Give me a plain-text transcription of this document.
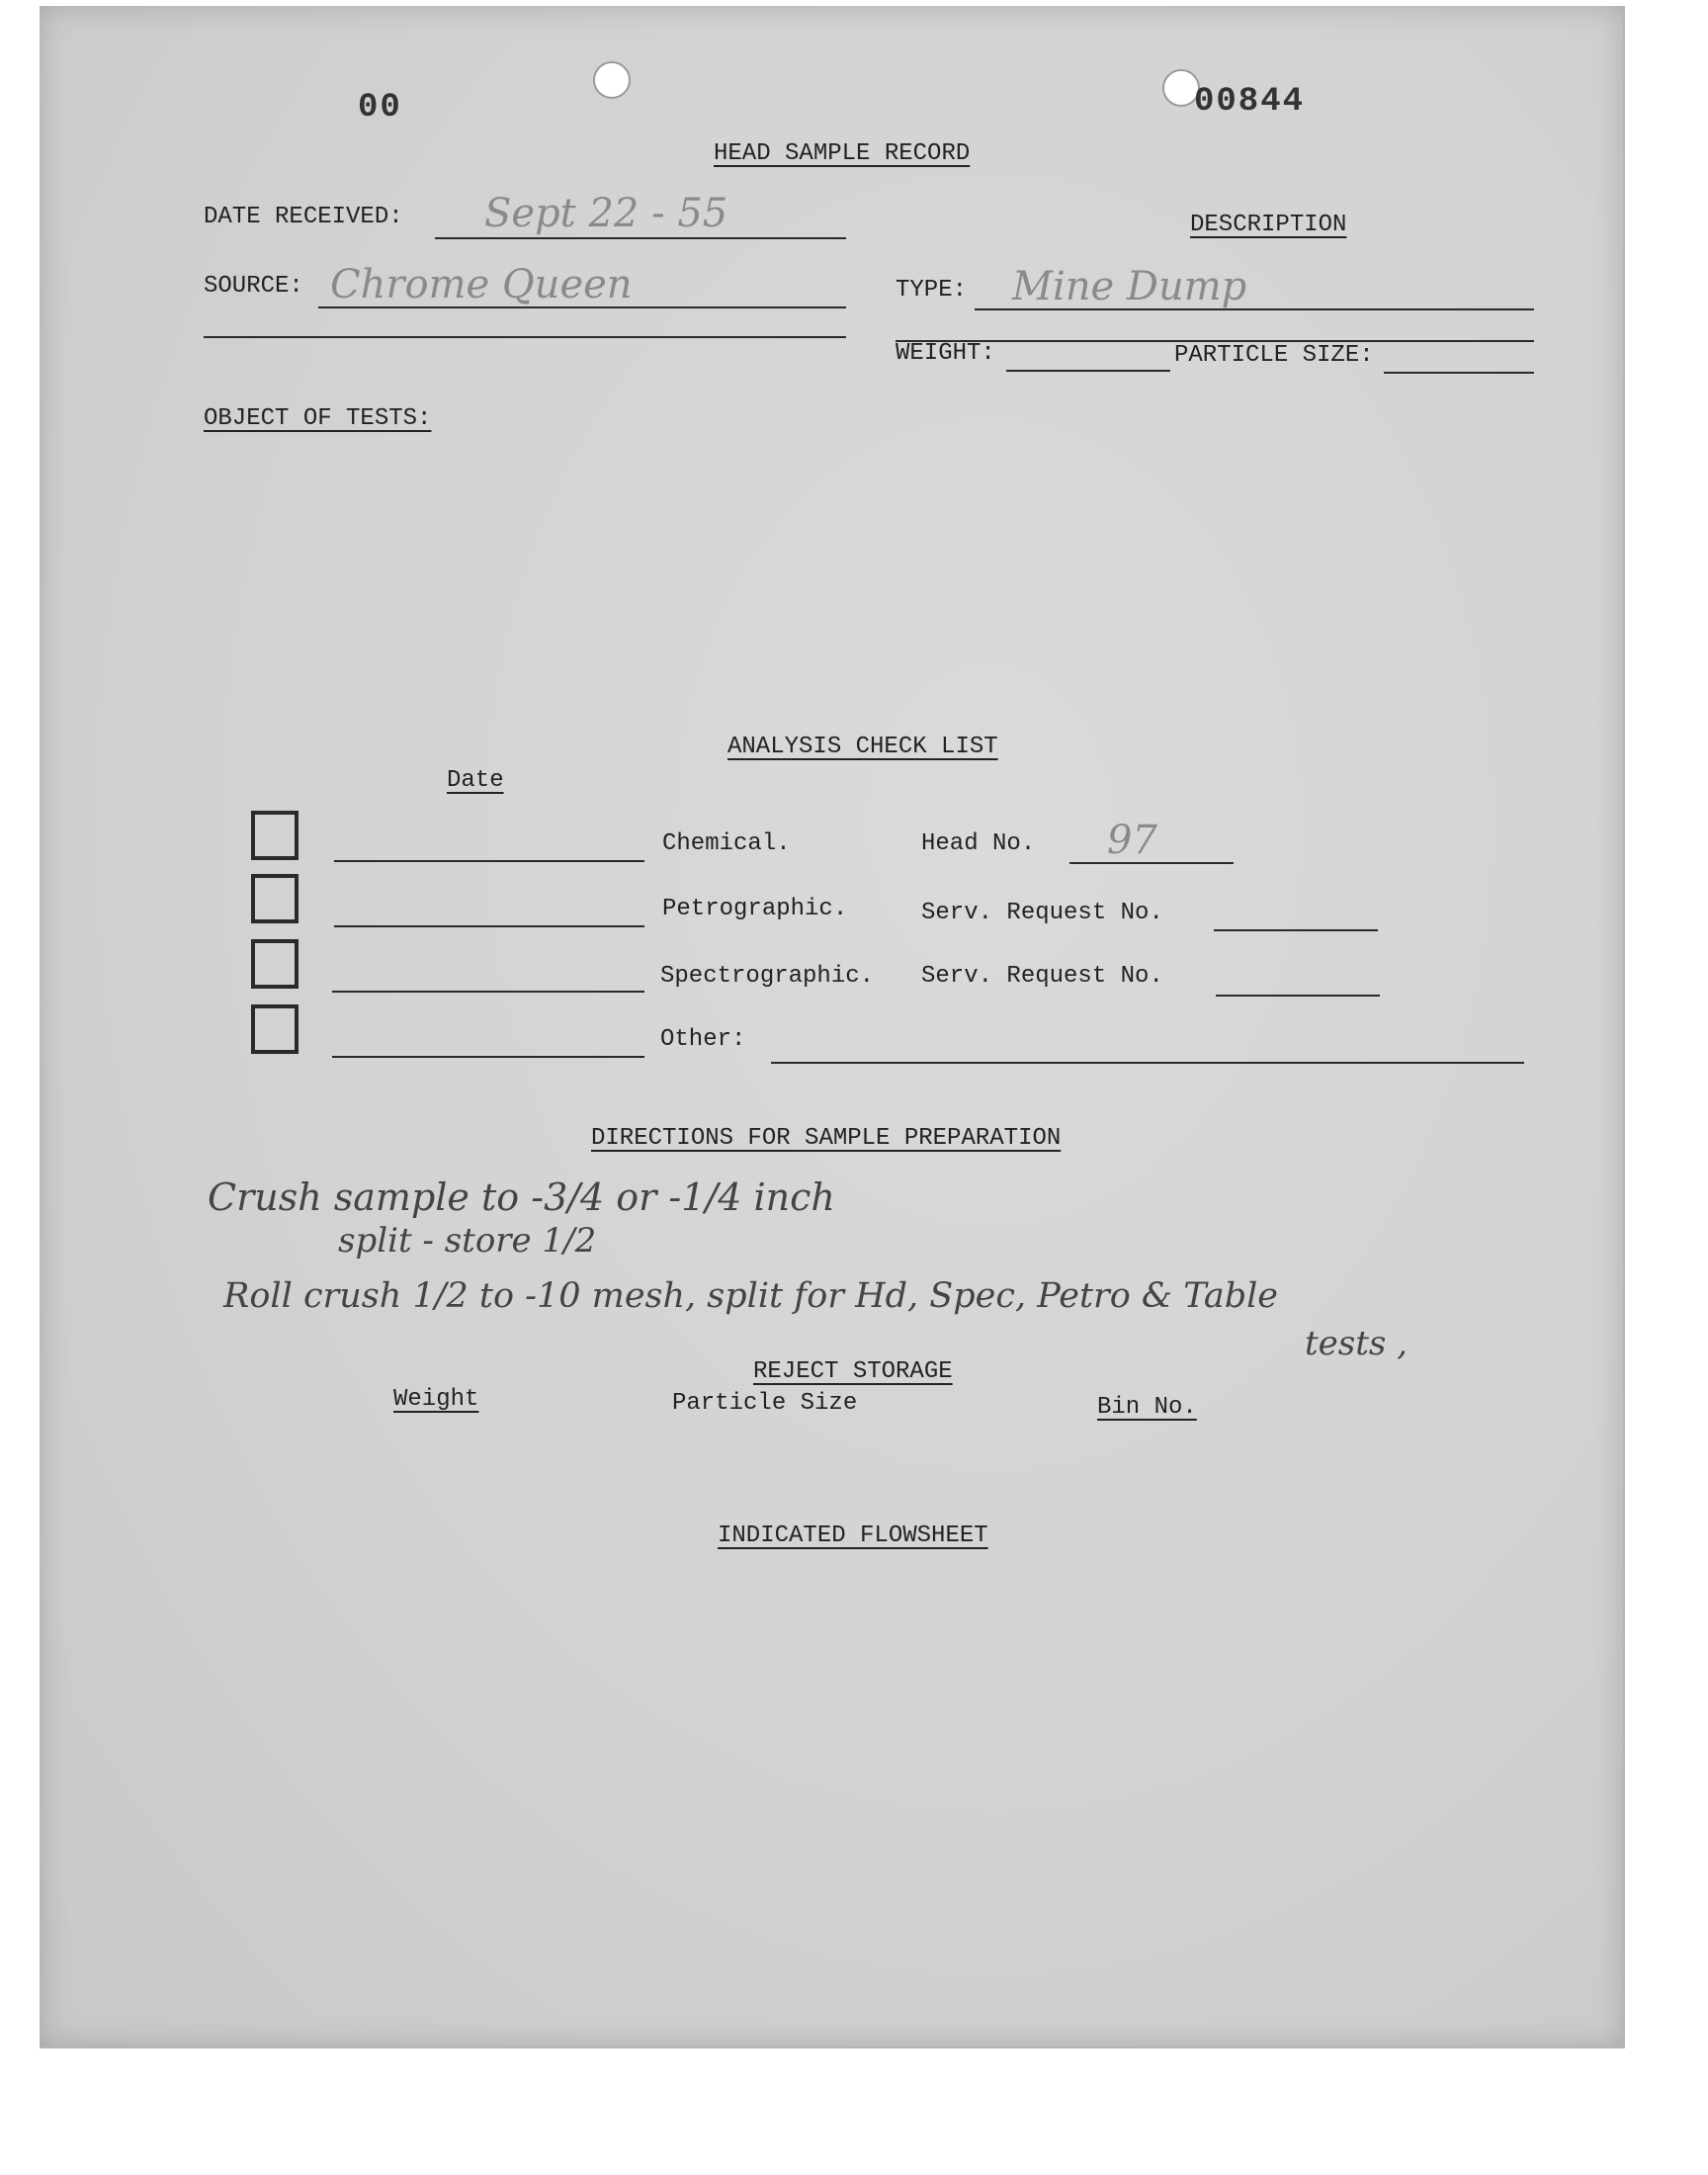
00	00844
HEAD SAMPLE RECORD
DATE RECEIVED: Sept 22 - 55	DESCRIPTION
SOURCE: Chrome Queen	TYPE: Mine Dump
WEIGHT:	PARTICLE SIZE:
OBJECT OF TESTS:
ANALYSIS CHECK LIST
Date
Chemical.	Head No. 97
Petrographic.	Serv. Request No.
Spectrographic. Serv. Request No.
Other:
DIRECTIONS FOR SAMPLE PREPARATION
Crush sample to -3/4 or -1/4 inch
split - store 1/2
Roll crush 1/2 to -10 mesh, split for Hd, Spec, Petro & Table
tests ,
REJECT STORAGE
Weight	Particle Size	Bin No.
INDICATED FLOWSHEET
